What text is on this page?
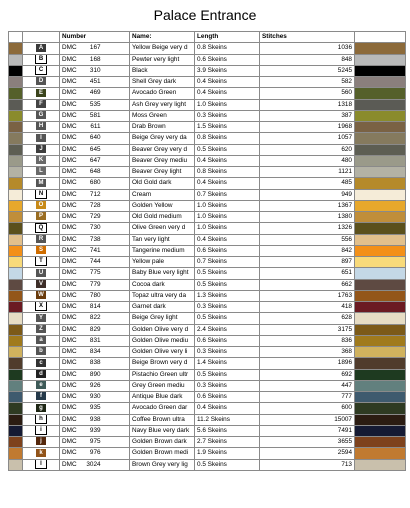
Palace Entrance
		Number	Name:	Length	Stitches	
	A	DMC 167	Yellow Beige very d	0.8 Skeins	1036	
	B	DMC 168	Pewter very light	0.6 Skeins	848	
	C	DMC 310	Black	3.9 Skeins	5245	
	D	DMC 451	Shell Grey dark	0.4 Skeins	582	
	E	DMC 469	Avocado Green	0.4 Skeins	560	
	F	DMC 535	Ash Grey very light	1.0 Skeins	1318	
	G	DMC 581	Moss Green	0.3 Skeins	387	
	H	DMC 611	Drab Brown	1.5 Skeins	1968	
	I	DMC 640	Beige Grey very da	0.8 Skeins	1057	
	J	DMC 645	Beaver Grey very d	0.5 Skeins	620	
	K	DMC 647	Beaver Grey mediu	0.4 Skeins	480	
	L	DMC 648	Beaver Grey light	0.8 Skeins	1121	
	M	DMC 680	Old Gold dark	0.4 Skeins	485	
	N	DMC 712	Cream	0.7 Skeins	949	
	O	DMC 728	Golden Yellow	1.0 Skeins	1367	
	P	DMC 729	Old Gold medium	1.0 Skeins	1380	
	Q	DMC 730	Olive Green very d	1.0 Skeins	1326	
	R	DMC 738	Tan very light	0.4 Skeins	556	
	S	DMC 741	Tangerine medium	0.6 Skeins	842	
	T	DMC 744	Yellow pale	0.7 Skeins	897	
	U	DMC 775	Baby Blue very light	0.5 Skeins	651	
	V	DMC 779	Cocoa dark	0.5 Skeins	662	
	W	DMC 780	Topaz ultra very da	1.3 Skeins	1763	
	X	DMC 814	Garnet dark	0.3 Skeins	418	
	Y	DMC 822	Beige Grey light	0.5 Skeins	628	
	Z	DMC 829	Golden Olive very d	2.4 Skeins	3175	
	a	DMC 831	Golden Olive mediu	0.6 Skeins	836	
	b	DMC 834	Golden Olive very li	0.3 Skeins	368	
	c	DMC 838	Beige Brown very d	1.4 Skeins	1896	
	d	DMC 890	Pistachio Green ultr	0.5 Skeins	692	
	e	DMC 926	Grey Green mediu	0.3 Skeins	447	
	f	DMC 930	Antique Blue dark	0.6 Skeins	777	
	g	DMC 935	Avocado Green dar	0.4 Skeins	600	
	h	DMC 938	Coffee Brown ultra	11.2 Skeins	15007	
	i	DMC 939	Navy Blue very dark	5.6 Skeins	7491	
	j	DMC 975	Golden Brown dark	2.7 Skeins	3655	
	k	DMC 976	Golden Brown medi	1.9 Skeins	2594	
	l	DMC 3024	Brown Grey very lig	0.5 Skeins	713	
